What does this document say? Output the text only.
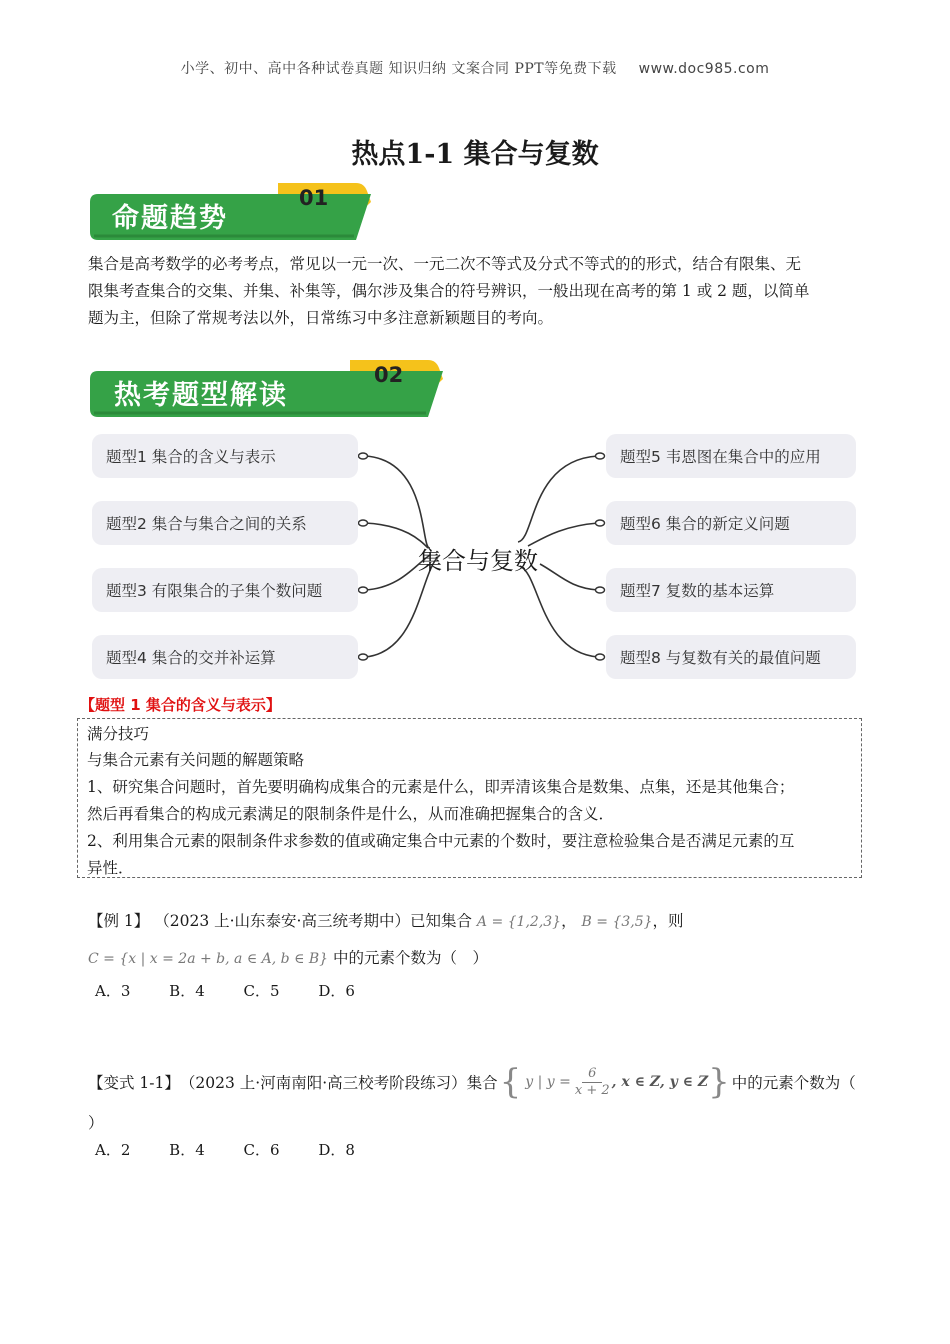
小学、初中、高中各种试卷真题 知识归纳 文案合同 PPT等免费下载 www.doc985.com
热点1-1 集合与复数
命题趋势
01
集合是高考数学的必考考点，常见以一元一次、一元二次不等式及分式不等式的的形式，结合有限集、无
限集考查集合的交集、并集、补集等，偶尔涉及集合的符号辨识，一般出现在高考的第 1 或 2 题，以简单
题为主，但除了常规考法以外，日常练习中多注意新颖题目的考向。
热考题型解读
02
题型1 集合的含义与表示
题型2 集合与集合之间的关系
题型3 有限集合的子集个数问题
题型4 集合的交并补运算
题型5 韦恩图在集合中的应用
题型6 集合的新定义问题
题型7 复数的基本运算
题型8 与复数有关的最值问题
集合与复数
【题型 1 集合的含义与表示】
满分技巧
与集合元素有关问题的解题策略
1、研究集合问题时，首先要明确构成集合的元素是什么，即弄清该集合是数集、点集，还是其他集合；
然后再看集合的构成元素满足的限制条件是什么，从而准确把握集合的含义．
2、利用集合元素的限制条件求参数的值或确定集合中元素的个数时，要注意检验集合是否满足元素的互
异性．
【例 1】 （2023 上·山东泰安·高三统考期中）已知集合 A = {1,2,3}， B = {3,5}，则
C = {x | x = 2a + b, a ∈ A, b ∈ B} 中的元素个数为（　）
A．3	B．4	C．5	D．6
【变式 1-1】 （2023 上·河南南阳·高三校考阶段练习）集合 { y | $y = \frac{6}{x + 2}$ , x ∈ Z, y ∈ Z } 中的元素个数为（
）
A．2	B．4	C．6	D．8
